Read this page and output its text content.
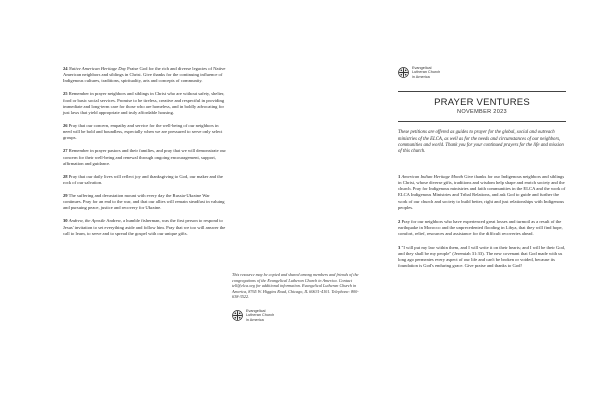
24 Native American Heritage Day Praise God for the rich and diverse legacies of Native American neighbors and siblings in Christ. Give thanks for the continuing influence of Indigenous cultures, traditions, spirituality, arts and concepts of community.
25 Remember in prayer neighbors and siblings in Christ who are without safety, shelter, food or basic social services. Promise to be tireless, creative and respectful in providing immediate and long-term care for those who are homeless, and in boldly advocating for just laws that yield appropriate and truly affordable housing.
26 Pray that our concern, empathy and service for the well-being of our neighbors in need will be bold and boundless, especially when we are pressured to serve only select groups.
27 Remember in prayer pastors and their families, and pray that we will demonstrate our concern for their well-being and renewal through ongoing encouragement, support, affirmation and guidance.
28 Pray that our daily lives will reflect joy and thanksgiving to God, our maker and the rock of our salvation.
29 The suffering and devastation mount with every day the Russia-Ukraine War continues. Pray for an end to the war, and that our allies will remain steadfast in valuing and pursuing peace, justice and recovery for Ukraine.
30 Andrew, the Apostle Andrew, a humble fisherman, was the first person to respond to Jesus' invitation to set everything aside and follow him. Pray that we too will answer the call to learn, to serve and to spread the gospel with our unique gifts.
This resource may be copied and shared among members and friends of the congregations of the Evangelical Lutheran Church in America. Contact tell@elca.org for additional information. Evangelical Lutheran Church in America, 8765 W. Higgins Road, Chicago, IL 60631-4101. Telephone: 800-638-3522.
Evangelical
Lutheran Church
in America
Evangelical
Lutheran Church
in America
PRAYER VENTURES
NOVEMBER 2023
These petitions are offered as guides to prayer for the global, social and outreach ministries of the ELCA, as well as for the needs and circumstances of our neighbors, communities and world. Thank you for your continued prayers for the life and mission of this church.
1 American Indian Heritage Month Give thanks for our Indigenous neighbors and siblings in Christ, whose diverse gifts, traditions and wisdom help shape and enrich society and the church. Pray for Indigenous ministries and faith communities in the ELCA and the work of ELCA Indigenous Ministries and Tribal Relations, and ask God to guide and further the work of our church and society to build better, right and just relationships with Indigenous peoples.
2 Pray for our neighbors who have experienced great losses and turmoil as a result of the earthquake in Morocco and the unprecedented flooding in Libya, that they will find hope, comfort, relief, resources and assistance for the difficult recoveries ahead.
3 "I will put my law within them, and I will write it on their hearts; and I will be their God, and they shall be my people" (Jeremiah 31:33). The new covenant that God made with us long ago permeates every aspect of our life and can't be broken or voided, because its foundation is God's enduring grace. Give praise and thanks to God!
